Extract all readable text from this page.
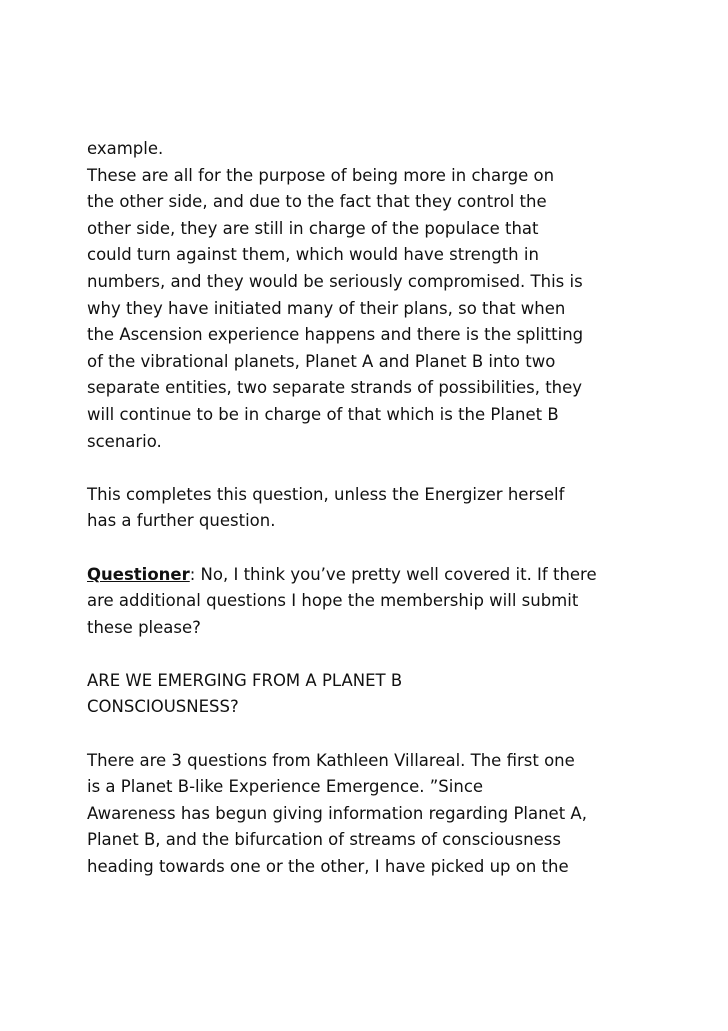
example.
These are all for the purpose of being more in charge on
the other side, and due to the fact that they control the
other side, they are still in charge of the populace that
could turn against them, which would have strength in
numbers, and they would be seriously compromised. This is
why they have initiated many of their plans, so that when
the Ascension experience happens and there is the splitting
of the vibrational planets, Planet A and Planet B into two
separate entities, two separate strands of possibilities, they
will continue to be in charge of that which is the Planet B
scenario.
This completes this question, unless the Energizer herself
has a further question.
Questioner: No, I think you’ve pretty well covered it. If there
are additional questions I hope the membership will submit
these please?
ARE WE EMERGING FROM A PLANET B
CONSCIOUSNESS?
There are 3 questions from Kathleen Villareal. The first one
is a Planet B-like Experience Emergence. ”Since
Awareness has begun giving information regarding Planet A,
Planet B, and the bifurcation of streams of consciousness
heading towards one or the other, I have picked up on the
